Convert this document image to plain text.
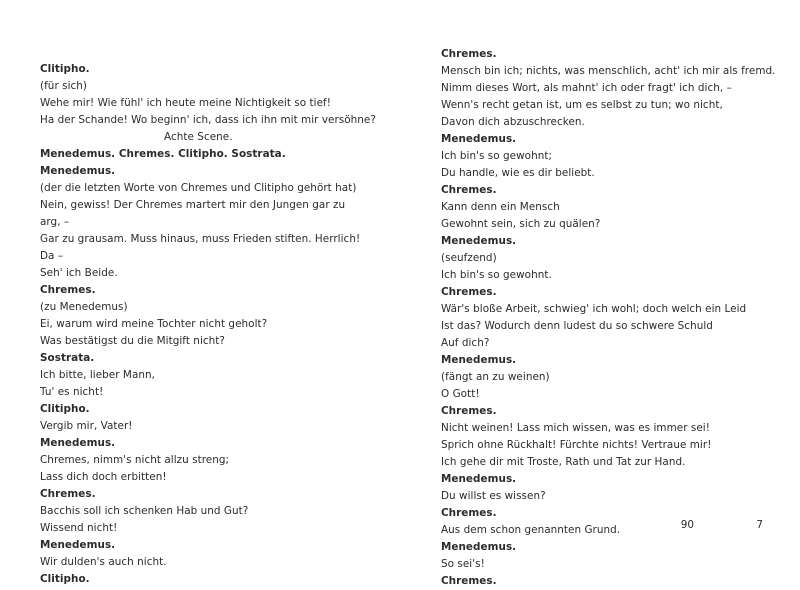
Clitipho.
(für sich)
Wehe mir! Wie fühl' ich heute meine Nichtigkeit so tief!
Ha der Schande! Wo beginn' ich, dass ich ihn mit mir versöhne?
Achte Scene.
Menedemus. Chremes. Clitipho. Sostrata.
Menedemus.
(der die letzten Worte von Chremes und Clitipho gehört hat)
Nein, gewiss! Der Chremes martert mir den Jungen gar zu
arg, –
Gar zu grausam. Muss hinaus, muss Frieden stiften. Herrlich!
Da –
Seh' ich Beide.
Chremes.
(zu Menedemus)
Ei, warum wird meine Tochter nicht geholt?
Was bestätigst du die Mitgift nicht?
Sostrata.
Ich bitte, lieber Mann,
Tu' es nicht!
Clitipho.
Vergib mir, Vater!
Menedemus.
Chremes, nimm's nicht allzu streng;
Lass dich doch erbitten!
Chremes.
Bacchis soll ich schenken Hab und Gut?
Wissend nicht!
Menedemus.
Wir dulden's auch nicht.
Clitipho.
Chremes.
Mensch bin ich; nichts, was menschlich, acht' ich mir als fremd.
Nimm dieses Wort, als mahnt' ich oder fragt' ich dich, –
Wenn's recht getan ist, um es selbst zu tun; wo nicht,
Davon dich abzuschrecken.
Menedemus.
Ich bin's so gewohnt;
Du handle, wie es dir beliebt.
Chremes.
Kann denn ein Mensch
Gewohnt sein, sich zu quälen?
Menedemus.
(seufzend)
Ich bin's so gewohnt.
Chremes.
Wär's bloße Arbeit, schwieg' ich wohl; doch welch ein Leid
Ist das? Wodurch denn ludest du so schwere Schuld
Auf dich?
Menedemus.
(fängt an zu weinen)
O Gott!
Chremes.
Nicht weinen! Lass mich wissen, was es immer sei!
Sprich ohne Rückhalt! Fürchte nichts! Vertraue mir!
Ich gehe dir mit Troste, Rath und Tat zur Hand.
Menedemus.
Du willst es wissen?
Chremes.
Aus dem schon genannten Grund.
Menedemus.
So sei's!
Chremes.
90	7
